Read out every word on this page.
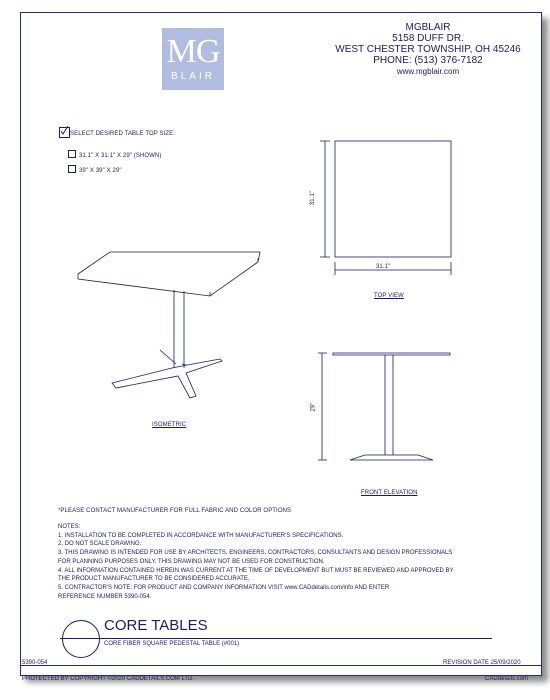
MG
BLAIR
MGBLAIR
5158 DUFF DR.
WEST CHESTER TOWNSHIP, OH 45246
PHONE: (513) 376-7182
www.mgblair.com
SELECT DESIRED TABLE TOP SIZE:
31.1" X 31.1" X 29" (SHOWN)
39" X 39" X 29"
31.1"
31.1"
29"
ISOMETRIC
TOP VIEW
FRONT ELEVATION
*PLEASE CONTACT MANUFACTURER FOR FULL FABRIC AND COLOR OPTIONS
NOTES:
1. INSTALLATION TO BE COMPLETED IN ACCORDANCE WITH MANUFACTURER'S SPECIFICATIONS.
2. DO NOT SCALE DRAWING.
3. THIS DRAWING IS INTENDED FOR USE BY ARCHITECTS, ENGINEERS, CONTRACTORS, CONSULTANTS AND DESIGN PROFESSIONALS
FOR PLANNING PURPOSES ONLY. THIS DRAWING MAY NOT BE USED FOR CONSTRUCTION.
4. ALL INFORMATION CONTAINED HEREIN WAS CURRENT AT THE TIME OF DEVELOPMENT BUT MUST BE REVIEWED AND APPROVED BY
THE PRODUCT MANUFACTURER TO BE CONSIDERED ACCURATE.
5. CONTRACTOR'S NOTE: FOR PRODUCT AND COMPANY INFORMATION VISIT www.CADdetails.com/info AND ENTER
REFERENCE NUMBER 5390-054.
CORE TABLES
CORE FIBER SQUARE PEDESTAL TABLE (#001)
5390-054	REVISION DATE 25/09/2020
PROTECTED BY COPYRIGHT ©2020 CADDETAILS.COM LTD.	CADdetails.com
